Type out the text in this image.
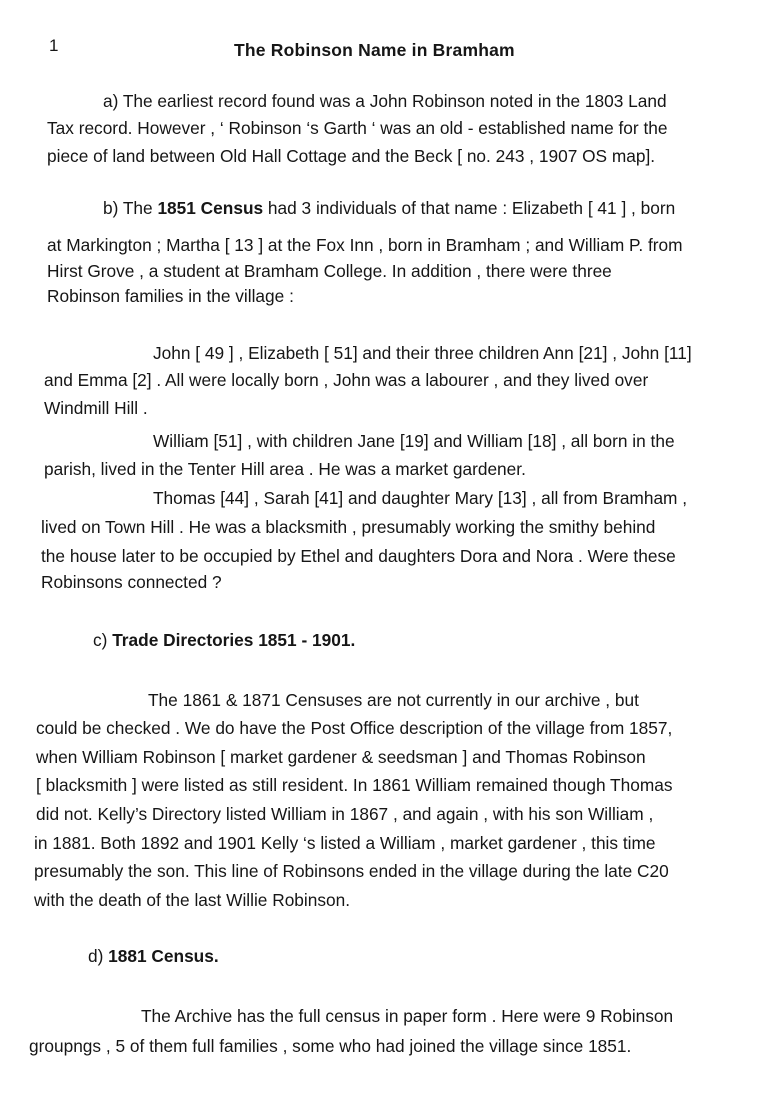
1	The Robinson Name in Bramham
a) The earliest record found was a John Robinson noted in the 1803 Land
Tax record. However , ‘ Robinson ‘s Garth ‘ was an old - established name for the
piece of land between Old Hall Cottage and the Beck [ no. 243 , 1907 OS map].
b) The 1851 Census had 3 individuals of that name : Elizabeth [ 41 ] , born
at Markington ; Martha [ 13 ] at the Fox Inn , born in Bramham ; and William P. from
Hirst Grove , a student at Bramham College. In addition , there were three
Robinson families in the village :
John [ 49 ] , Elizabeth [ 51] and their three children Ann [21] , John [11]
and Emma [2] . All were locally born , John was a labourer , and they lived over
Windmill Hill .
William [51] , with children Jane [19] and William [18] , all born in the
parish, lived in the Tenter Hill area . He was a market gardener.
Thomas [44] , Sarah [41] and daughter Mary [13] , all from Bramham ,
lived on Town Hill . He was a blacksmith , presumably working the smithy behind
the house later to be occupied by Ethel and daughters Dora and Nora . Were these
Robinsons connected ?
c) Trade Directories 1851 - 1901.
The 1861 & 1871 Censuses are not currently in our archive , but
could be checked . We do have the Post Office description of the village from 1857,
when William Robinson [ market gardener & seedsman ] and Thomas Robinson
[ blacksmith ] were listed as still resident. In 1861 William remained though Thomas
did not. Kelly’s Directory listed William in 1867 , and again , with his son William ,
in 1881. Both 1892 and 1901 Kelly ‘s listed a William , market gardener , this time
presumably the son. This line of Robinsons ended in the village during the late C20
with the death of the last Willie Robinson.
d) 1881 Census.
The Archive has the full census in paper form . Here were 9 Robinson
groupngs , 5 of them full families , some who had joined the village since 1851.
